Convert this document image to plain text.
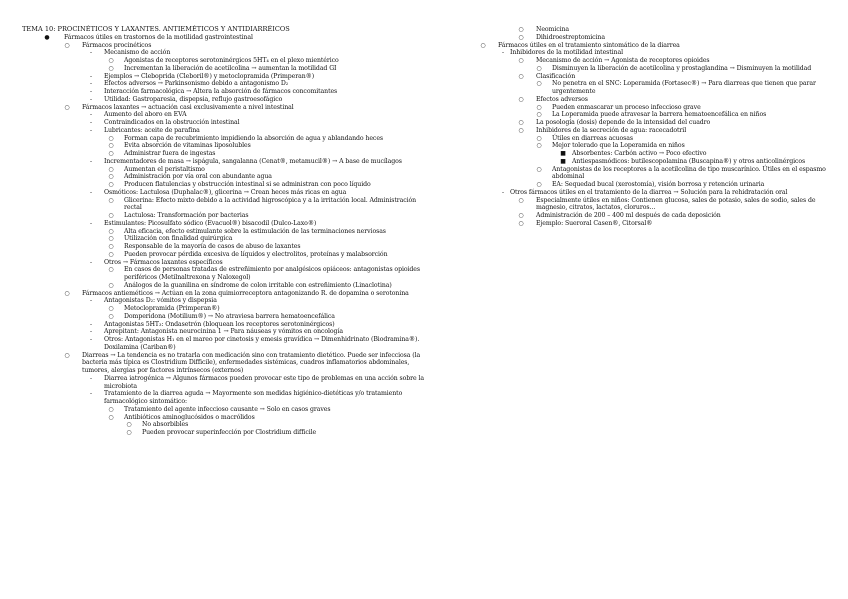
TEMA 10: PROCINÉTICOS Y LAXANTES. ANTIEMÉTICOS Y ANTIDIARRÉICOS
● Fármacos útiles en trastornos de la motilidad gastrointestinal
○ Fármacos procinéticos
-	Mecanismo de acción
○ Agonistas de receptores serotoninérgicos 5HT₄ en el plexo mientérico
○ Incrementan la liberación de acetilcolina → aumentan la motilidad GI
-	Ejemplos → Cleboprida (Cleboril®) y metoclopramida (Primperan®)
-	Efectos adversos → Parkinsonismo debido a antagonismo D₂
-	Interacción farmacológica → Altera la absorción de fármacos concomitantes
-	Utilidad: Gastroparesia, dispepsia, reflujo gastroesofágico
○ Fármacos laxantes → actuación casi exclusivamente a nivel intestinal
-	Aumento del aboro en EVA
-	Contraindicados en la obstrucción intestinal
-	Lubricantes: aceite de parafina
○ Forman capa de recubrimiento impidiendo la absorción de agua y ablandando heces
○ Evita absorción de vitaminas liposolubles
○ Administrar fuera de ingestas
-	Incrementadores de masa → ispágula, sangalanna (Cenat®, metamucil®) → A base de mucílagos
○ Aumentan el peristaltismo
○ Administración por vía oral con abundante agua
○ Producen flatulencias y obstrucción intestinal si se administran con poco líquido
-	Osmóticos: Lactulosa (Duphalac®), glicerina → Crean heces más ricas en agua
○ Glicerina: Efecto mixto debido a la actividad higroscópica y a la irritación local. Administración rectal
○ Lactulosa: Transformación por bacterias
-	Estimulantes: Picosulfato sódico (Evacuol®) bisacodil (Dulco-Laxo®)
○ Alta eficacia, efecto estimulante sobre la estimulación de las terminaciones nerviosas
○ Utilización con finalidad quirúrgica
○ Responsable de la mayoría de casos de abuso de laxantes
○ Pueden provocar pérdida excesiva de líquidos y electrolitos, proteínas y malabsorción
-	Otros → Fármacos laxantes específicos
○ En casos de personas tratadas de estreñimiento por analgésicos opiáceos: antagonistas opioides periféricos (Metilnaltrexona y Naloxegol)
○ Análogos de la guanilina en síndrome de colon irritable con estreñimiento (Linaclotina)
○ Fármacos antieméticos → Actúan en la zona quimiorreceptora antagonizando R. de dopamina o serotonina
-	Antagonistas D₂: vómitos y dispepsia
○ Metoclopramida (Primperan®)
○ Domperidona (Motilium®) → No atraviesa barrera hematoencefálica
-	Antagonistas 5HT₃: Ondasetrón (bloquean los receptores serotoninérgicos)
-	Aprepitant: Antagonista neurocinina 1 → Para náuseas y vómitos en oncología
-	Otros: Antagonistas H₁ en el mareo por cinetosis y emesis gravídica → Dimenhidrinato (Biodramina®). Doxilamina (Cariban®)
○ Diarreas → La tendencia es no tratarla con medicación sino con tratamiento dietético. Puede ser infecciosa (la bacteria más típica es Clostridium Difficile), enfermedades sistémicas, cuadros inflamatorios abdominales, tumores, alergias por factores intrínsecos (externos)
-	Diarrea iatrogénica → Algunos fármacos pueden provocar este tipo de problemas en una acción sobre la microbiota
-	Tratamiento de la diarrea aguda → Mayormente son medidas higiénico-dietéticas y/o tratamiento farmacológico sintomático:
○ Tratamiento del agente infeccioso causante → Solo en casos graves
○ Antibióticos aminoglucósidos o macrólidos
○ No absorbibles
○ Pueden provocar superinfección por Clostridium difficile
○ Neomicina
○ Dihidroestreptomicina
○ Fármacos útiles en el tratamiento sintomático de la diarrea
- Inhibidores de la motilidad intestinal
○ Mecanismo de acción → Agonista de receptores opioides
○ Disminuyen la liberación de acetilcolina y prostaglandina → Disminuyen la motilidad
○ Clasificación
○ No penetra en el SNC: Loperamida (Fortasec®) → Para diarreas que tienen que parar urgentemente
○ Efectos adversos
○ Pueden enmascarar un proceso infeccioso grave
○ La Loperamida puede atravesar la barrera hematoencefálica en niños
○ La posología (dosis) depende de la intensidad del cuadro
○ Inhibidores de la secreción de agua: racecadotril
○ Útiles en diarreas acuosas
○ Mejor tolerado que la Loperamida en niños
■ Absorbentes: Carbón activo → Poco efectivo
■ Antiespasmódicos: butilescopolamina (Buscapina®) y otros anticolinérgicos
○ Antagonistas de los receptores a la acetilcolina de tipo muscarínico. Útiles en el espasmo abdominal
○ EA: Sequedad bucal (xerostomía), visión borrosa y retención urinaria
- Otros fármacos útiles en el tratamiento de la diarrea → Solución para la rehidratación oral
○ Especialmente útiles en niños: Contienen glucosa, sales de potasio, sales de sodio, sales de magnesio, citratos, lactatos, cloruros…
○ Administración de 200 – 400 ml después de cada deposición
○ Ejemplo: Sueroral Casen®, Citorsal®
